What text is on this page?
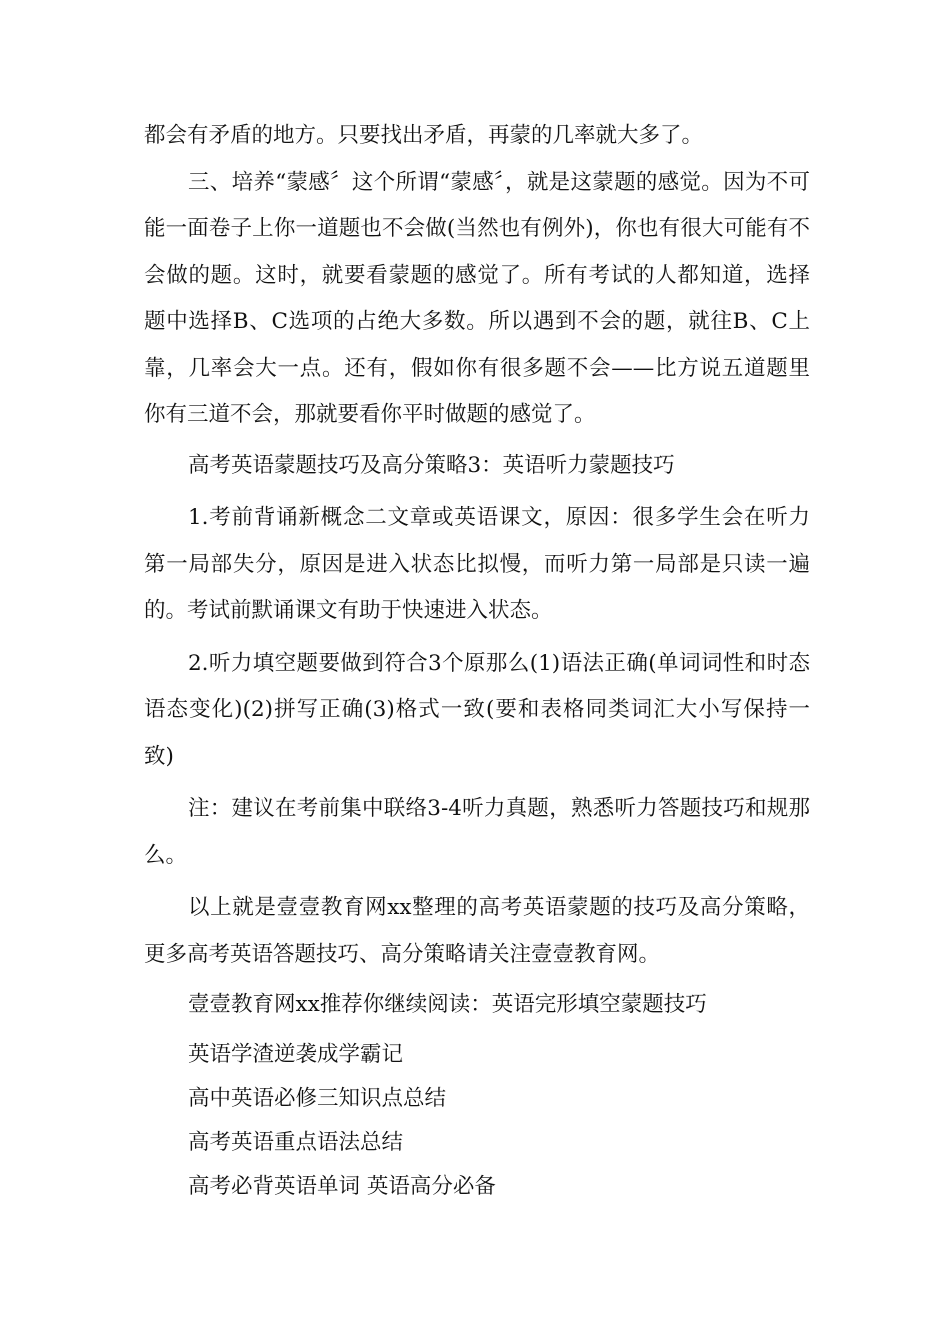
都会有矛盾的地方。只要找出矛盾，再蒙的几率就大多了。

三、培养“蒙感〞这个所谓“蒙感〞，就是这蒙题的感觉。因为不可能一面卷子上你一道题也不会做(当然也有例外)，你也有很大可能有不会做的题。这时，就要看蒙题的感觉了。所有考试的人都知道，选择题中选择B、C选项的占绝大多数。所以遇到不会的题，就往B、C上靠，几率会大一点。还有，假如你有很多题不会——比方说五道题里你有三道不会，那就要看你平时做题的感觉了。

高考英语蒙题技巧及高分策略3：英语听力蒙题技巧

1.考前背诵新概念二文章或英语课文，原因：很多学生会在听力第一局部失分，原因是进入状态比拟慢，而听力第一局部是只读一遍的。考试前默诵课文有助于快速进入状态。

2.听力填空题要做到符合3个原那么(1)语法正确(单词词性和时态语态变化)(2)拼写正确(3)格式一致(要和表格同类词汇大小写保持一致)

注：建议在考前集中联络3-4听力真题，熟悉听力答题技巧和规那么。

以上就是壹壹教育网xx整理的高考英语蒙题的技巧及高分策略，更多高考英语答题技巧、高分策略请关注壹壹教育网。

壹壹教育网xx推荐你继续阅读：英语完形填空蒙题技巧

英语学渣逆袭成学霸记

高中英语必修三知识点总结

高考英语重点语法总结

高考必背英语单词 英语高分必备
